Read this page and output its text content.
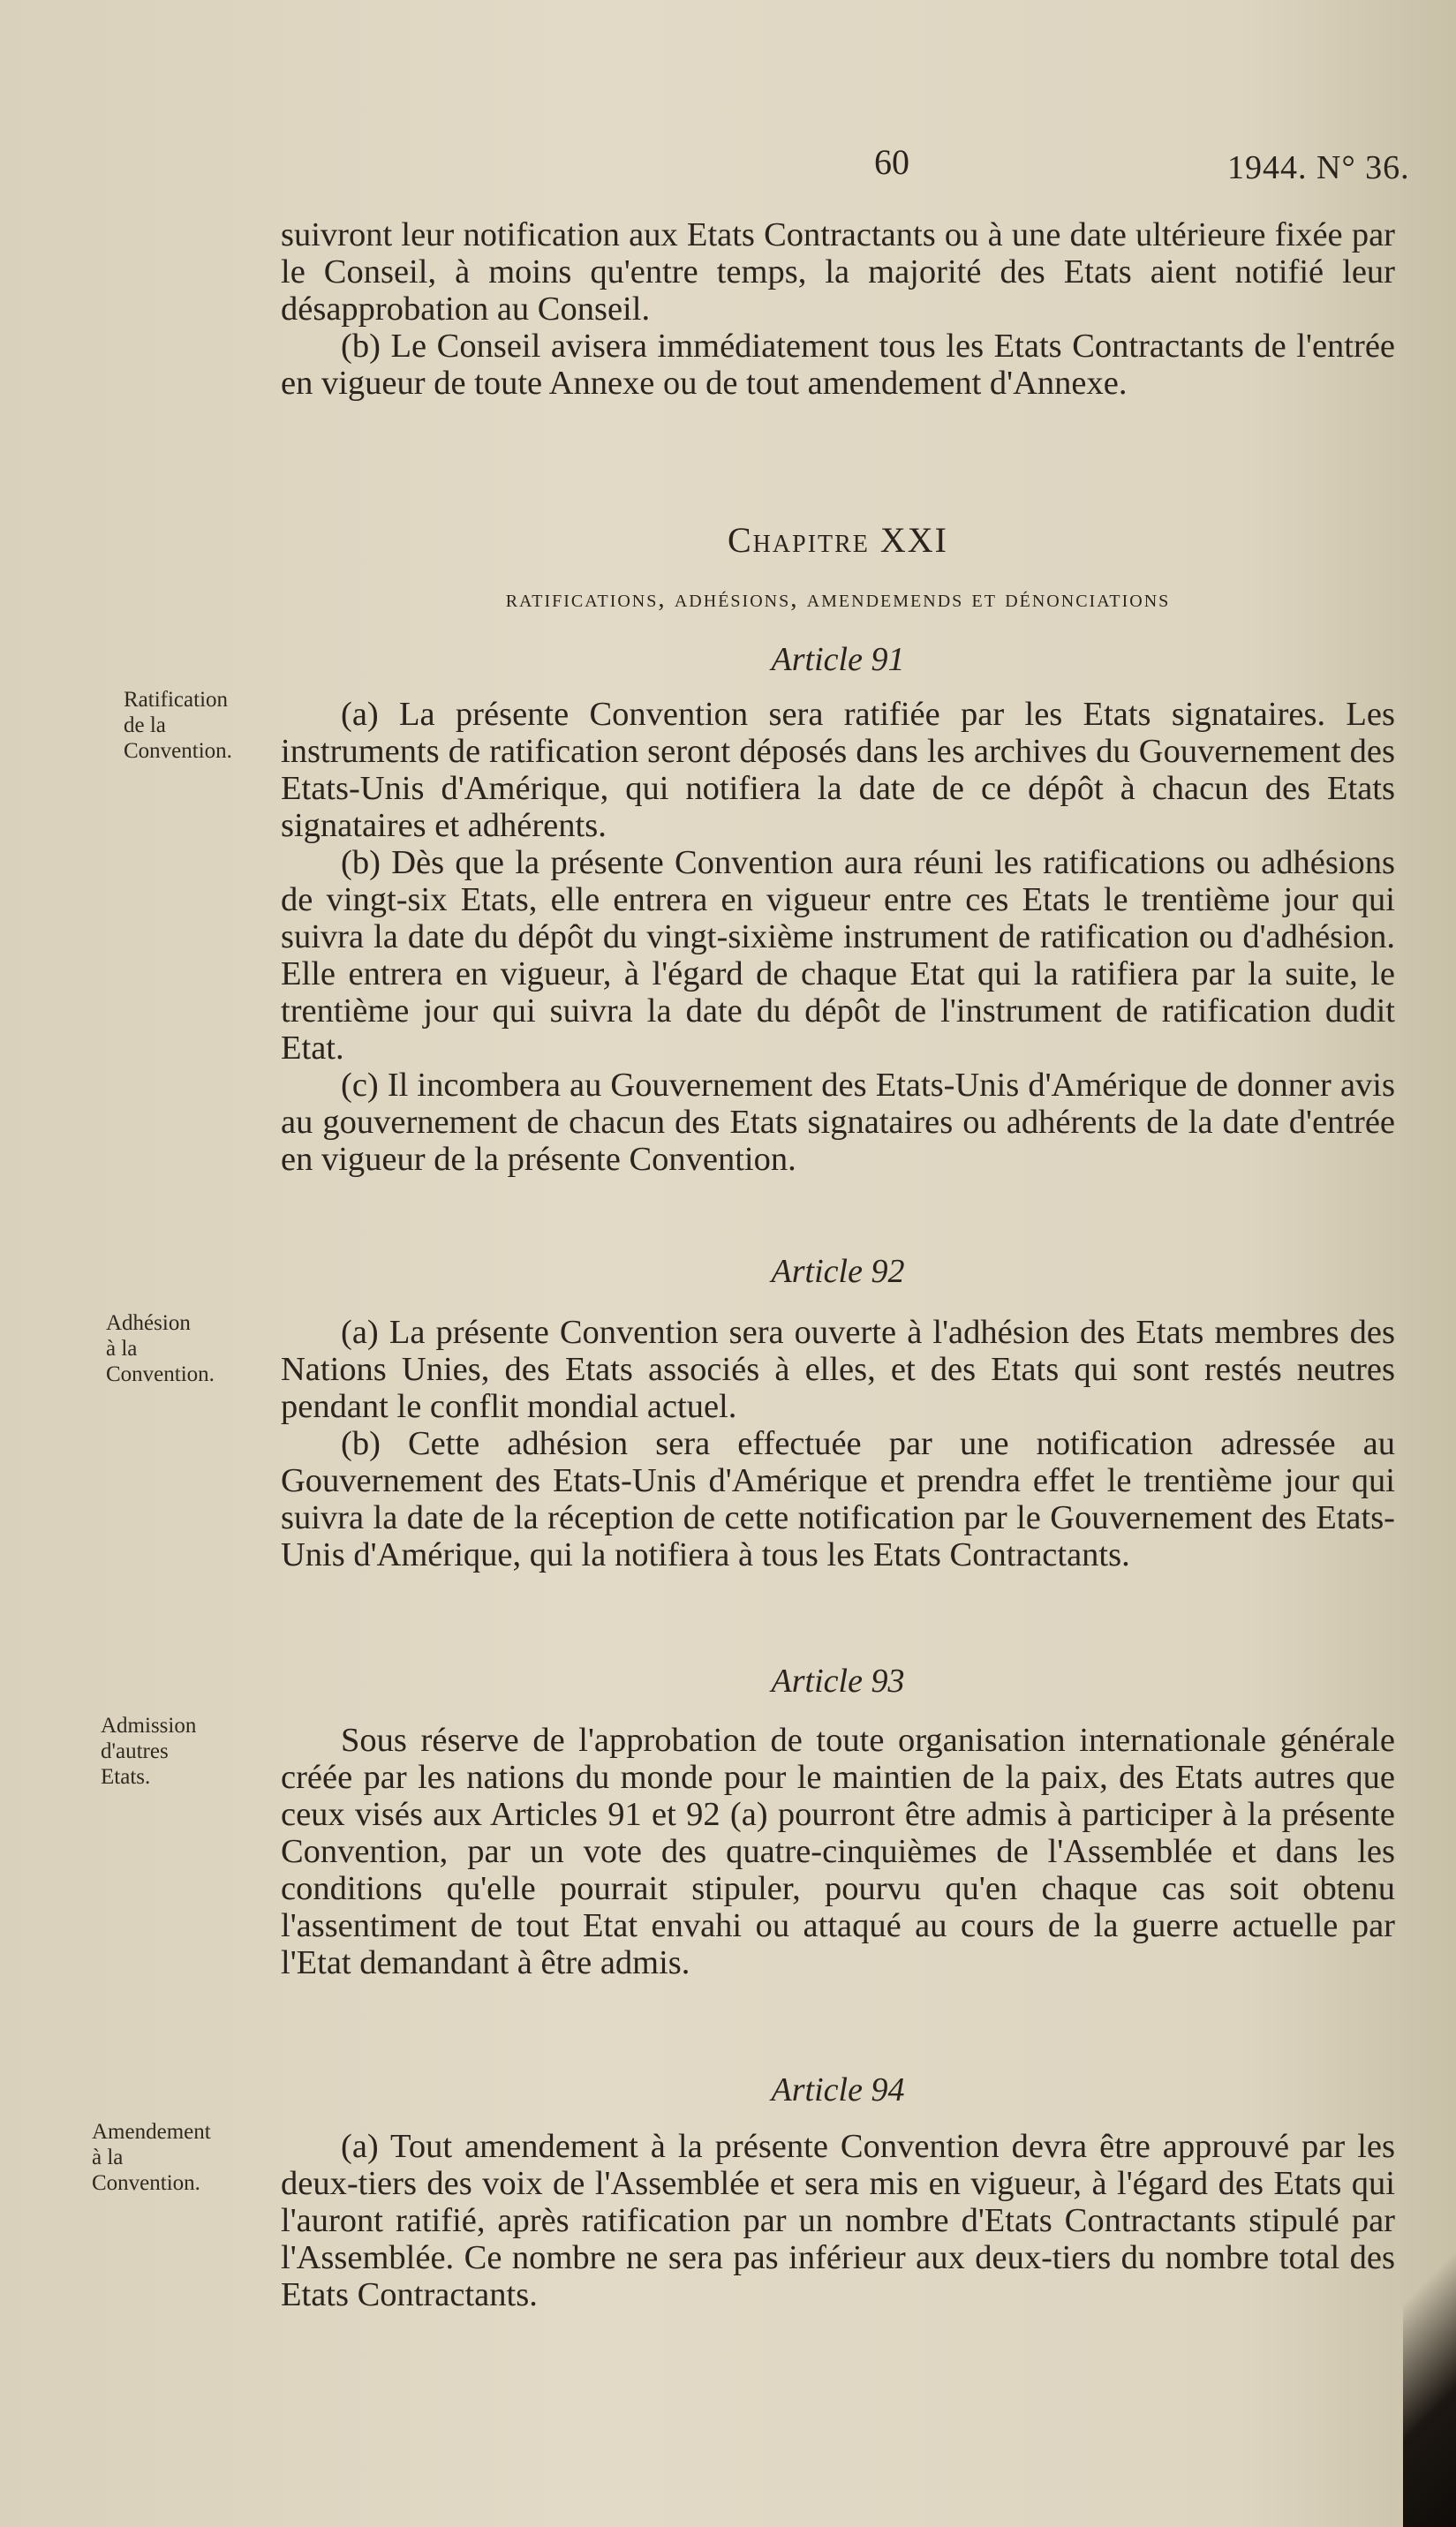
60	1944. N° 36.

suivront leur notification aux Etats Contractants ou à une date ultérieure fixée par le Conseil, à moins qu'entre temps, la majorité des Etats aient notifié leur désapprobation au Conseil.

(b) Le Conseil avisera immédiatement tous les Etats Contractants de l'entrée en vigueur de toute Annexe ou de tout amendement d'Annexe.

Chapitre XXI
ratifications, adhésions, amendemends et dénonciations
Article 91
Ratification
de la
Convention.

(a) La présente Convention sera ratifiée par les Etats signataires. Les instruments de ratification seront déposés dans les archives du Gouvernement des Etats-Unis d'Amérique, qui notifiera la date de ce dépôt à chacun des Etats signataires et adhérents.

(b) Dès que la présente Convention aura réuni les ratifications ou adhésions de vingt-six Etats, elle entrera en vigueur entre ces Etats le trentième jour qui suivra la date du dépôt du vingt-sixième instrument de ratification ou d'adhésion. Elle entrera en vigueur, à l'égard de chaque Etat qui la ratifiera par la suite, le trentième jour qui suivra la date du dépôt de l'instrument de ratification dudit Etat.

(c) Il incombera au Gouvernement des Etats-Unis d'Amérique de donner avis au gouvernement de chacun des Etats signataires ou adhérents de la date d'entrée en vigueur de la présente Convention.

Article 92
Adhésion
à la
Convention.

(a) La présente Convention sera ouverte à l'adhésion des Etats membres des Nations Unies, des Etats associés à elles, et des Etats qui sont restés neutres pendant le conflit mondial actuel.

(b) Cette adhésion sera effectuée par une notification adressée au Gouvernement des Etats-Unis d'Amérique et prendra effet le trentième jour qui suivra la date de la réception de cette notification par le Gouvernement des Etats-Unis d'Amérique, qui la notifiera à tous les Etats Contractants.

Article 93
Admission
d'autres
Etats.

Sous réserve de l'approbation de toute organisation internationale générale créée par les nations du monde pour le maintien de la paix, des Etats autres que ceux visés aux Articles 91 et 92 (a) pourront être admis à participer à la présente Convention, par un vote des quatre-cinquièmes de l'Assemblée et dans les conditions qu'elle pourrait stipuler, pourvu qu'en chaque cas soit obtenu l'assentiment de tout Etat envahi ou attaqué au cours de la guerre actuelle par l'Etat demandant à être admis.

Article 94
Amendement
à la
Convention.

(a) Tout amendement à la présente Convention devra être approuvé par les deux-tiers des voix de l'Assemblée et sera mis en vigueur, à l'égard des Etats qui l'auront ratifié, après ratification par un nombre d'Etats Contractants stipulé par l'Assemblée. Ce nombre ne sera pas inférieur aux deux-tiers du nombre total des Etats Contractants.
